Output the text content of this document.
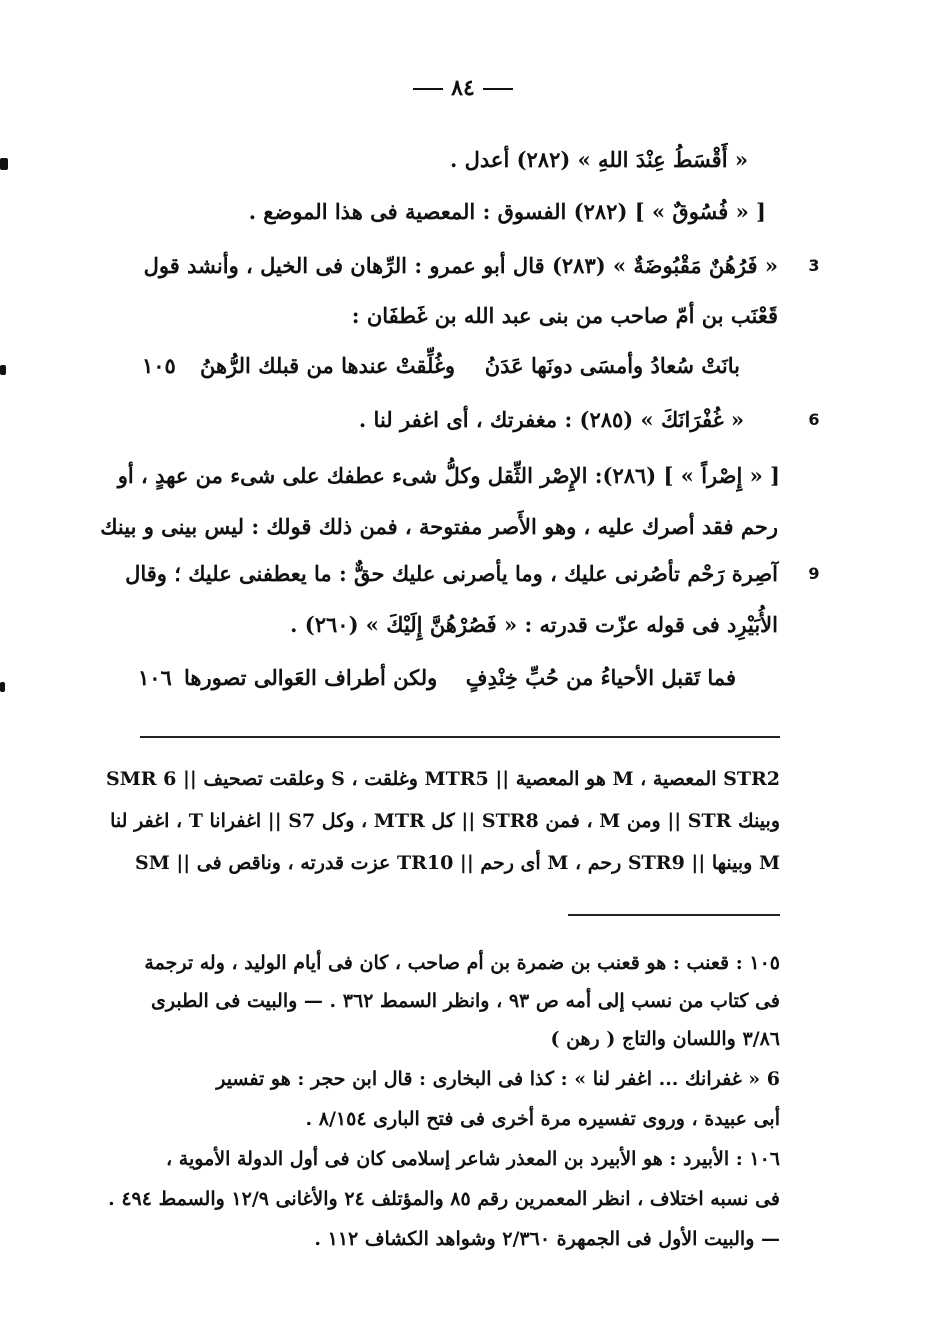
٨٤
« أَقْسَطُ عِنْدَ اللهِ » (٢٨٢) أعدل .
[ « فُسُوقٌ » ] (٢٨٢) الفسوق : المعصية فى هذا الموضع .
« فَرُهُنٌ مَقْبُوضَةٌ » (٢٨٣) قال أبو عمرو : الرِّهان فى الخيل ، وأنشد قول
قَعْنَب بن أمّ صاحب من بنى عبد الله بن غَطفَان :
بانَتْ سُعادُ وأمسَى دونَها عَدَنُ
وغُلِّقتْ عندها من قبلك الرُّهنُ
١٠٥
« غُفْرَانَكَ » (٢٨٥) : مغفرتك ، أى اغفر لنا .
[ « إِصْراً » ] (٢٨٦): الإِصْر الثِّقل وكلُّ شىء عطفك على شىء من عهدٍ ، أو
رحم فقد أصرك عليه ، وهو الأَصر مفتوحة ، فمن ذلك قولك : ليس بينى و بينك
آصِرة رَحْم تأصُرنى عليك ، وما يأصرنى عليك حقٌّ : ما يعطفنى عليك ؛ وقال
الأُبَيْرِد فى قوله عزّت قدرته : « فَصُرْهُنَّ إِلَيْكَ » (٢٦٠) .
فما تَقبل الأحياءُ من حُبِّ خِنْدِفٍ
ولكن أطراف العَوالى تصورها
١٠٦
3
6
9
SMR 6 || وعلقت تصحيف S ، وغلقت MTR5 || هو المعصية M ، المعصية STR2
وبينك STR || ومن M ، فمن STR8 || كل MTR ، وكل S7 || اغفرانا T ، اغفر لنا
SM || عزت قدرته ، وناقص فى TR10 || أى رحم M ، رحم STR9 || وبينها M
١٠٥ : قعنب : هو قعنب بن ضمرة بن أم صاحب ، كان فى أيام الوليد ، وله ترجمة
فى كتاب من نسب إلى أمه ص ٩٣ ، وانظر السمط ٣٦٢ . — والبيت فى الطبرى
٣/٨٦ واللسان والتاج ( رهن )
6 « غفرانك ... اغفر لنا » : كذا فى البخارى : قال ابن حجر : هو تفسير
أبى عبيدة ، وروى تفسيره مرة أخرى فى فتح البارى ٨/١٥٤ .
١٠٦ : الأبيرد : هو الأبيرد بن المعذر شاعر إسلامى كان فى أول الدولة الأموية ،
فى نسبه اختلاف ، انظر المعمرين رقم ٨٥ والمؤتلف ٢٤ والأغانى ١٢/٩ والسمط ٤٩٤ .
— والبيت الأول فى الجمهرة ٢/٣٦٠ وشواهد الكشاف ١١٢ .
